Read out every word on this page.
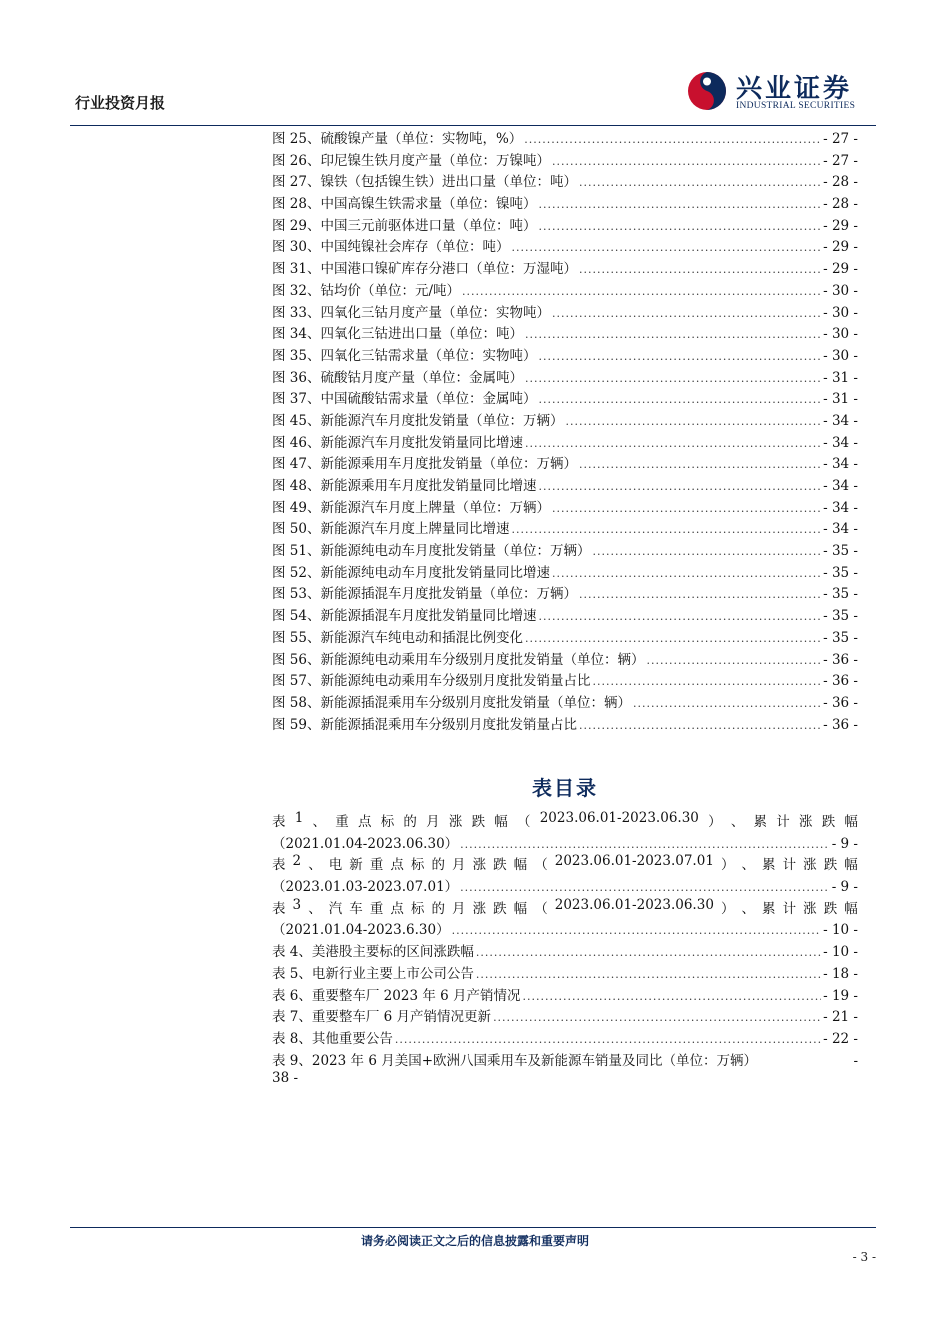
行业投资月报	兴业证券
INDUSTRIAL SECURITIES
图 25、硫酸镍产量（单位：实物吨，%） .....	- 27 -
图 26、印尼镍生铁月度产量（单位：万镍吨） .....	- 27 -
图 27、镍铁（包括镍生铁）进出口量（单位：吨） .....	- 28 -
图 28、中国高镍生铁需求量（单位：镍吨） .....	- 28 -
图 29、中国三元前驱体进口量（单位：吨） .....	- 29 -
图 30、中国纯镍社会库存（单位：吨） .....	- 29 -
图 31、中国港口镍矿库存分港口（单位：万湿吨） .....	- 29 -
图 32、钴均价（单位：元/吨） .....	- 30 -
图 33、四氧化三钴月度产量（单位：实物吨） .....	- 30 -
图 34、四氧化三钴进出口量（单位：吨） .....	- 30 -
图 35、四氧化三钴需求量（单位：实物吨） .....	- 30 -
图 36、硫酸钴月度产量（单位：金属吨） .....	- 31 -
图 37、中国硫酸钴需求量（单位：金属吨） .....	- 31 -
图 45、新能源汽车月度批发销量（单位：万辆） .....	- 34 -
图 46、新能源汽车月度批发销量同比增速 .....	- 34 -
图 47、新能源乘用车月度批发销量（单位：万辆） .....	- 34 -
图 48、新能源乘用车月度批发销量同比增速 .....	- 34 -
图 49、新能源汽车月度上牌量（单位：万辆） .....	- 34 -
图 50、新能源汽车月度上牌量同比增速 .....	- 34 -
图 51、新能源纯电动车月度批发销量（单位：万辆） .....	- 35 -
图 52、新能源纯电动车月度批发销量同比增速 .....	- 35 -
图 53、新能源插混车月度批发销量（单位：万辆） .....	- 35 -
图 54、新能源插混车月度批发销量同比增速 .....	- 35 -
图 55、新能源汽车纯电动和插混比例变化 .....	- 35 -
图 56、新能源纯电动乘用车分级别月度批发销量（单位：辆） .....	- 36 -
图 57、新能源纯电动乘用车分级别月度批发销量占比 .....	- 36 -
图 58、新能源插混乘用车分级别月度批发销量（单位：辆） .....	- 36 -
图 59、新能源插混乘用车分级别月度批发销量占比 .....	- 36 -
表目录
表 1 、 重 点 标 的 月 涨 跌 幅 （ 2023.06.01-2023.06.30 ） 、 累 计 涨 跌 幅
（2021.01.04-2023.06.30） .....	- 9 -
表 2 、 电 新 重 点 标 的 月 涨 跌 幅 （ 2023.06.01-2023.07.01 ） 、 累 计 涨 跌 幅
（2023.01.03-2023.07.01） .....	- 9 -
表 3 、 汽 车 重 点 标 的 月 涨 跌 幅 （ 2023.06.01-2023.06.30 ） 、 累 计 涨 跌 幅
（2021.01.04-2023.6.30） .....	- 10 -
表 4、美港股主要标的区间涨跌幅 .....	- 10 -
表 5、电新行业主要上市公司公告 .....	- 18 -
表 6、重要整车厂 2023 年 6 月产销情况 .....	- 19 -
表 7、重要整车厂 6 月产销情况更新 .....	- 21 -
表 8、其他重要公告 .....	- 22 -
表 9、2023 年 6 月美国+欧洲八国乘用车及新能源车销量及同比（单位：万辆）	-
38 -
请务必阅读正文之后的信息披露和重要声明
- 3 -
